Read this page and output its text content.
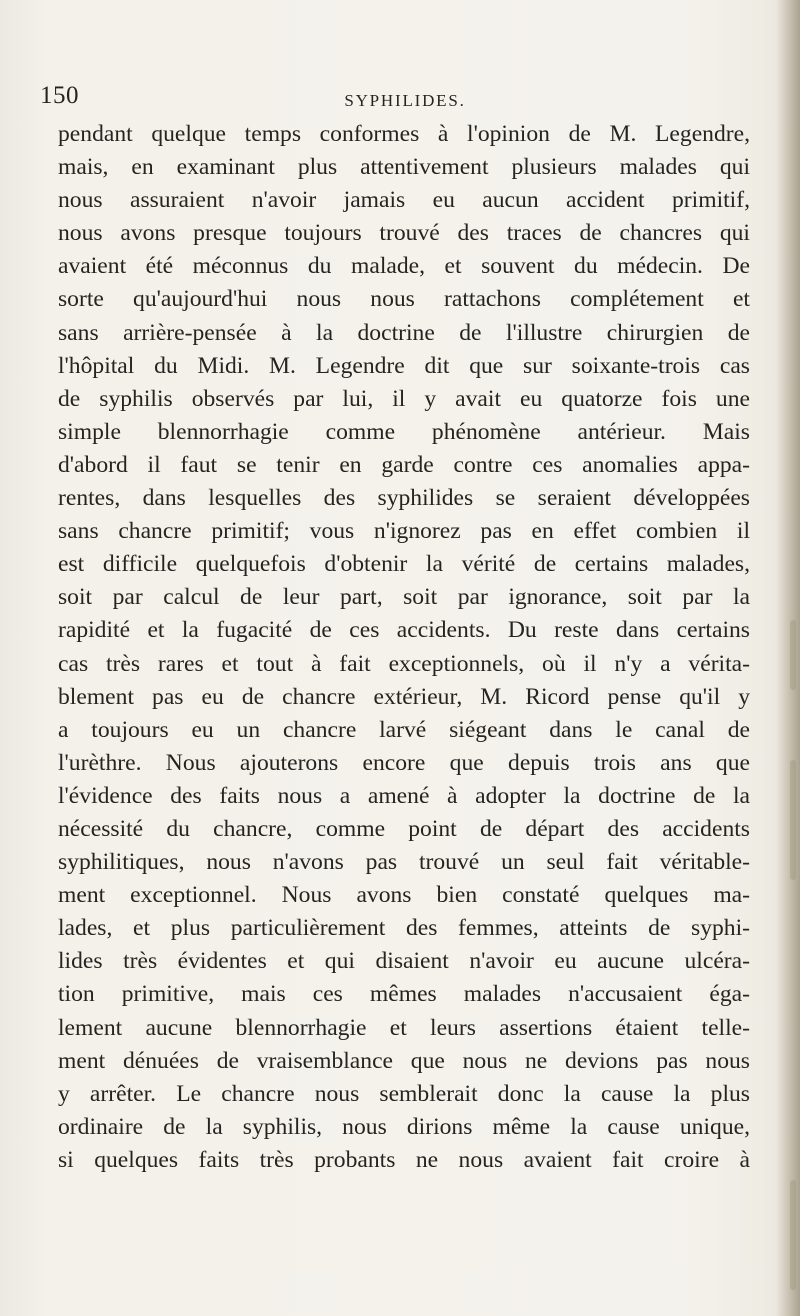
150	SYPHILIDES.
pendant quelque temps conformes à l'opinion de M. Legendre,
mais, en examinant plus attentivement plusieurs malades qui
nous assuraient n'avoir jamais eu aucun accident primitif,
nous avons presque toujours trouvé des traces de chancres qui
avaient été méconnus du malade, et souvent du médecin. De
sorte qu'aujourd'hui nous nous rattachons complétement et
sans arrière-pensée à la doctrine de l'illustre chirurgien de
l'hôpital du Midi. M. Legendre dit que sur soixante-trois cas
de syphilis observés par lui, il y avait eu quatorze fois une
simple blennorrhagie comme phénomène antérieur. Mais
d'abord il faut se tenir en garde contre ces anomalies appa-
rentes, dans lesquelles des syphilides se seraient développées
sans chancre primitif; vous n'ignorez pas en effet combien il
est difficile quelquefois d'obtenir la vérité de certains malades,
soit par calcul de leur part, soit par ignorance, soit par la
rapidité et la fugacité de ces accidents. Du reste dans certains
cas très rares et tout à fait exceptionnels, où il n'y a vérita-
blement pas eu de chancre extérieur, M. Ricord pense qu'il y
a toujours eu un chancre larvé siégeant dans le canal de
l'urèthre. Nous ajouterons encore que depuis trois ans que
l'évidence des faits nous a amené à adopter la doctrine de la
nécessité du chancre, comme point de départ des accidents
syphilitiques, nous n'avons pas trouvé un seul fait véritable-
ment exceptionnel. Nous avons bien constaté quelques ma-
lades, et plus particulièrement des femmes, atteints de syphi-
lides très évidentes et qui disaient n'avoir eu aucune ulcéra-
tion primitive, mais ces mêmes malades n'accusaient éga-
lement aucune blennorrhagie et leurs assertions étaient telle-
ment dénuées de vraisemblance que nous ne devions pas nous
y arrêter. Le chancre nous semblerait donc la cause la plus
ordinaire de la syphilis, nous dirions même la cause unique,
si quelques faits très probants ne nous avaient fait croire à
